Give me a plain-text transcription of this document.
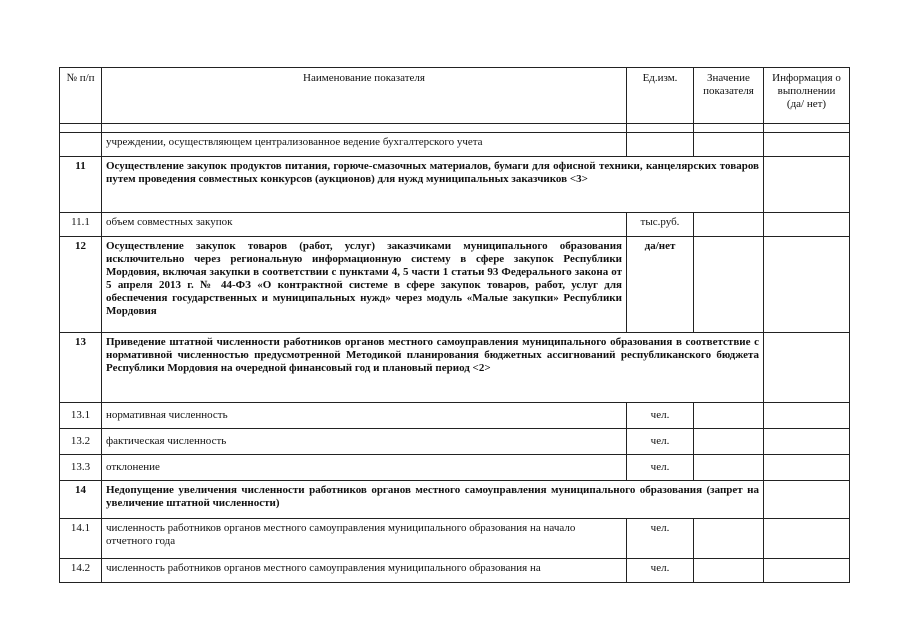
№ п/п	Наименование показателя	Ед.изм.	Значение показателя	Информация о выполнении (да/ нет)

	учреждении, осуществляющем централизованное ведение бухгалтерского учета			
11	Осуществление закупок продуктов питания, горюче-смазочных материалов, бумаги для офисной техники, канцелярских товаров путем проведения совместных конкурсов (аукционов) для нужд муниципальных заказчиков <3>			
11.1	объем совместных закупок	тыс.руб.		
12	Осуществление закупок товаров (работ, услуг) заказчиками муниципального образования исключительно через региональную информационную систему в сфере закупок Республики Мордовия, включая закупки в соответствии с пунктами 4, 5 части 1 статьи 93 Федерального закона от 5 апреля 2013 г. № 44-ФЗ «О контрактной системе в сфере закупок товаров, работ, услуг для обеспечения государственных и муниципальных нужд» через модуль «Малые закупки» Республики Мордовия	да/нет		
13	Приведение штатной численности работников органов местного самоуправления муниципального образования в соответствие с нормативной численностью предусмотренной Методикой планирования бюджетных ассигнований республиканского бюджета Республики Мордовия на очередной финансовый год и плановый период <2>			
13.1	нормативная численность	чел.		
13.2	фактическая численность	чел.		
13.3	отклонение	чел.		
14	Недопущение увеличения численности работников органов местного самоуправления муниципального образования (запрет на увеличение штатной численности)			
14.1	численность работников органов местного самоуправления муниципального образования на начало отчетного года	чел.		
14.2	численность работников органов местного самоуправления муниципального образования на	чел.		
